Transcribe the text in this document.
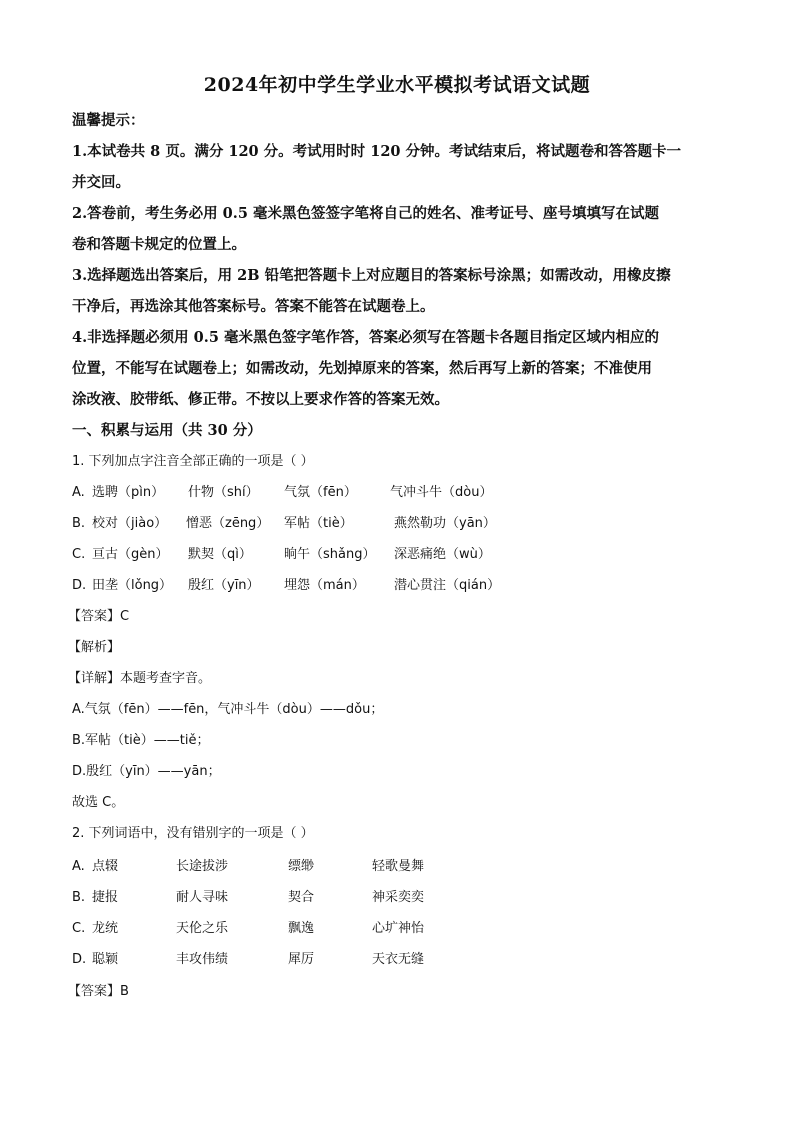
2024年初中学生学业水平模拟考试语文试题
温馨提示：
1.本试卷共 8 页。满分 120 分。考试用时时 120 分钟。考试结束后，将试题卷和答答题卡一
并交回。
2.答卷前，考生务必用 0.5 毫米黑色签签字笔将自己的姓名、准考证号、座号填填写在试题
卷和答题卡规定的位置上。
3.选择题选出答案后，用 2B 铅笔把答题卡上对应题目的答案标号涂黑；如需改动，用橡皮擦
干净后，再选涂其他答案标号。答案不能答在试题卷上。
4.非选择题必须用 0.5 毫米黑色签字笔作答，答案必须写在答题卡各题目指定区域内相应的
位置，不能写在试题卷上；如需改动，先划掉原来的答案，然后再写上新的答案；不准使用
涂改液、胶带纸、修正带。不按以上要求作答的答案无效。
一、积累与运用（共 30 分）
1. 下列加点字注音全部正确的一项是（ ）
A. 选聘（pìn） 什物（shí） 气氛（fēn）	气冲斗牛（dòu）
B. 校对（jiào） 憎恶（zēng） 军帖（tiè）	燕然勒功（yān）
C. 亘古（gèn） 默契（qì） 晌午（shǎng） 深恶痛绝（wù）
D. 田垄（lǒng） 殷红（yīn） 埋怨（mán） 潜心贯注（qián）
【答案】C
【解析】
【详解】本题考查字音。
A.气氛（fēn）——fēn，气冲斗牛（dòu）——dǒu；
B.军帖（tiè）——tiě；
D.殷红（yīn）——yān；
故选 C。
2. 下列词语中，没有错别字的一项是（ ）
A. 点辍	长途拔涉	缥缈	轻歌曼舞
B. 捷报	耐人寻味	契合	神采奕奕
C. 龙统	天伦之乐	飘逸	心圹神怡
D. 聪颖	丰攻伟绩	犀厉	天衣无缝
【答案】B
